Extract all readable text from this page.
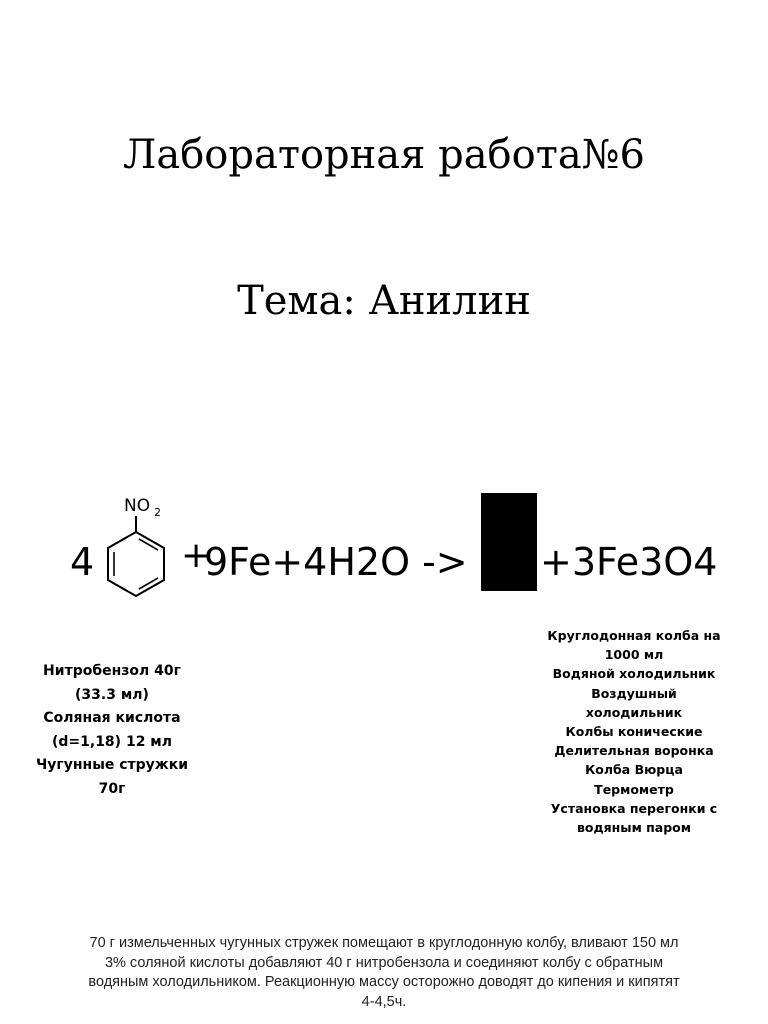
Лабораторная работа№6
Тема: Анилин
4
NO 2
+
9Fe+4H2O -> +3Fe3O4
Нитробензол 40г
(33.3 мл)
Соляная кислота
(d=1,18) 12 мл
Чугунные стружки
70г
Круглодонная колба на
1000 мл
Водяной холодильник
Воздушный
холодильник
Колбы конические
Делительная воронка
Колба Вюрца
Термометр
Установка перегонки с
водяным паром
70 г измельченных чугунных стружек помещают в круглодонную колбу, вливают 150 мл 3% соляной кислоты добавляют 40 г нитробензола и соединяют колбу с обратным водяным холодильником. Реакционную массу осторожно доводят до кипения и кипятят 4-4,5ч.
